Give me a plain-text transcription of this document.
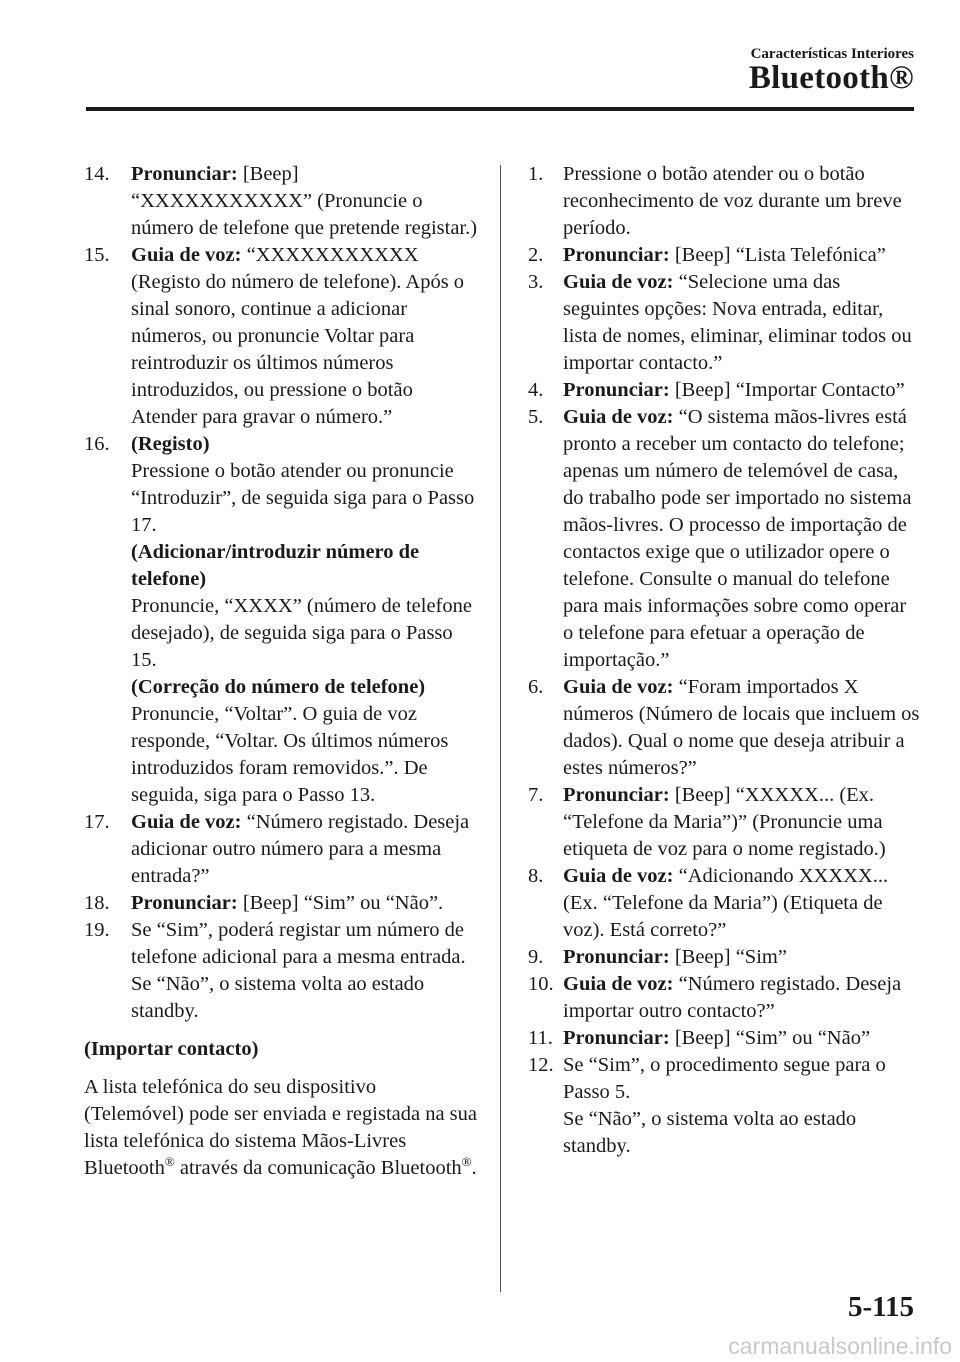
Características Interiores
Bluetooth®
14. Pronunciar: [Beep] “XXXXXXXXXXX” (Pronuncie o número de telefone que pretende registar.)

15. Guia de voz: “XXXXXXXXXXX (Registo do número de telefone). Após o sinal sonoro, continue a adicionar números, ou pronuncie Voltar para reintroduzir os últimos números introduzidos, ou pressione o botão Atender para gravar o número.”

16. (Registo)

Pressione o botão atender ou pronuncie “Introduzir”, de seguida siga para o Passo 17.

(Adicionar/introduzir número de telefone)

Pronuncie, “XXXX” (número de telefone desejado), de seguida siga para o Passo 15.

(Correção do número de telefone)

Pronuncie, “Voltar”. O guia de voz responde, “Voltar. Os últimos números introduzidos foram removidos.”. De seguida, siga para o Passo 13.

17. Guia de voz: “Número registado. Deseja adicionar outro número para a mesma entrada?”

18. Pronunciar: [Beep] “Sim” ou “Não”.

19. Se “Sim”, poderá registar um número de telefone adicional para a mesma entrada.

Se “Não”, o sistema volta ao estado standby.

(Importar contacto)

A lista telefónica do seu dispositivo (Telemóvel) pode ser enviada e registada na sua lista telefónica do sistema Mãos-Livres Bluetooth® através da comunicação Bluetooth®.

1. Pressione o botão atender ou o botão reconhecimento de voz durante um breve período.

2. Pronunciar: [Beep] “Lista Telefónica”

3. Guia de voz: “Selecione uma das seguintes opções: Nova entrada, editar, lista de nomes, eliminar, eliminar todos ou importar contacto.”

4. Pronunciar: [Beep] “Importar Contacto”

5. Guia de voz: “O sistema mãos-livres está pronto a receber um contacto do telefone; apenas um número de telemóvel de casa, do trabalho pode ser importado no sistema mãos-livres. O processo de importação de contactos exige que o utilizador opere o telefone. Consulte o manual do telefone para mais informações sobre como operar o telefone para efetuar a operação de importação.”

6. Guia de voz: “Foram importados X números (Número de locais que incluem os dados). Qual o nome que deseja atribuir a estes números?”

7. Pronunciar: [Beep] “XXXXX... (Ex. “Telefone da Maria”)” (Pronuncie uma etiqueta de voz para o nome registado.)

8. Guia de voz: “Adicionando XXXXX... (Ex. “Telefone da Maria”) (Etiqueta de voz). Está correto?”

9. Pronunciar: [Beep] “Sim”

10. Guia de voz: “Número registado. Deseja importar outro contacto?”

11. Pronunciar: [Beep] “Sim” ou “Não”

12. Se “Sim”, o procedimento segue para o Passo 5.

Se “Não”, o sistema volta ao estado standby.

5-115
carmanualsonline.info
